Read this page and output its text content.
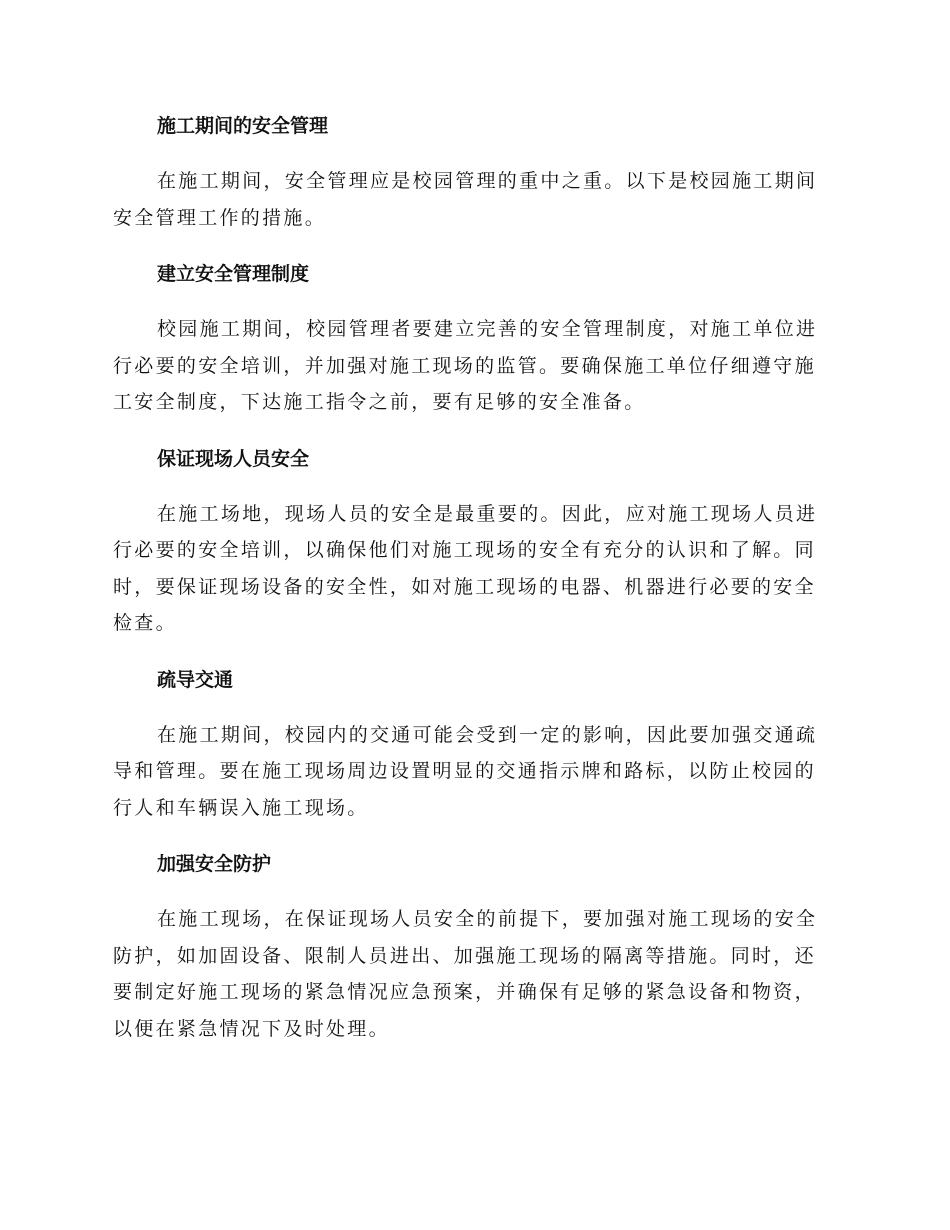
施工期间的安全管理

在施工期间，安全管理应是校园管理的重中之重。以下是校园施工期间安全管理工作的措施。

建立安全管理制度

校园施工期间，校园管理者要建立完善的安全管理制度，对施工单位进行必要的安全培训，并加强对施工现场的监管。要确保施工单位仔细遵守施工安全制度，下达施工指令之前，要有足够的安全准备。

保证现场人员安全

在施工场地，现场人员的安全是最重要的。因此，应对施工现场人员进行必要的安全培训，以确保他们对施工现场的安全有充分的认识和了解。同时，要保证现场设备的安全性，如对施工现场的电器、机器进行必要的安全检查。

疏导交通

在施工期间，校园内的交通可能会受到一定的影响，因此要加强交通疏导和管理。要在施工现场周边设置明显的交通指示牌和路标，以防止校园的行人和车辆误入施工现场。

加强安全防护

在施工现场，在保证现场人员安全的前提下，要加强对施工现场的安全防护，如加固设备、限制人员进出、加强施工现场的隔离等措施。同时，还要制定好施工现场的紧急情况应急预案，并确保有足够的紧急设备和物资，以便在紧急情况下及时处理。
